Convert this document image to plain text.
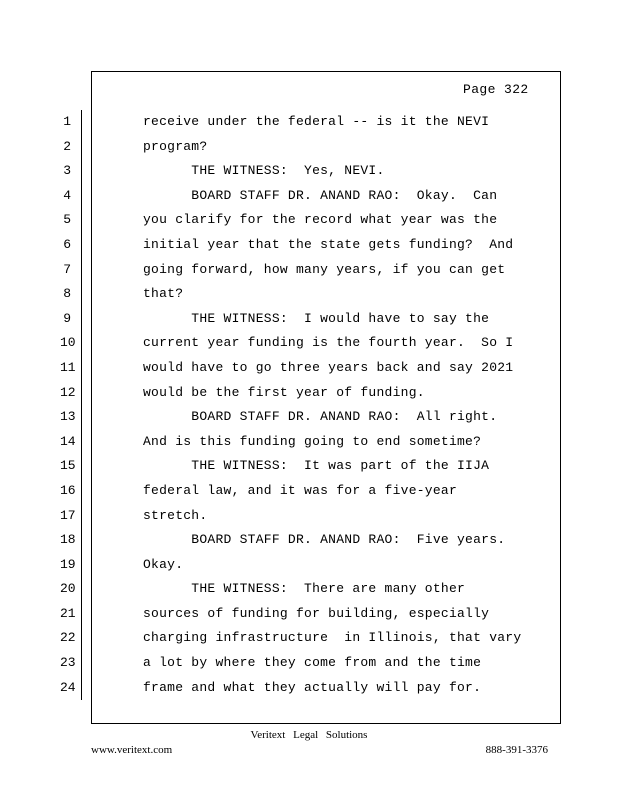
Page 322
1
2
3
4
5
6
7
8
9
10
11
12
13
14
15
16
17
18
19
20
21
22
23
24
receive under the federal -- is it the NEVI
program?
THE WITNESS:  Yes, NEVI.
BOARD STAFF DR. ANAND RAO:  Okay.  Can
you clarify for the record what year was the
initial year that the state gets funding?  And
going forward, how many years, if you can get
that?
THE WITNESS:  I would have to say the
current year funding is the fourth year.  So I
would have to go three years back and say 2021
would be the first year of funding.
BOARD STAFF DR. ANAND RAO:  All right.
And is this funding going to end sometime?
THE WITNESS:  It was part of the IIJA
federal law, and it was for a five-year
stretch.
BOARD STAFF DR. ANAND RAO:  Five years.
Okay.
THE WITNESS:  There are many other
sources of funding for building, especially
charging infrastructure  in Illinois, that vary
a lot by where they come from and the time
frame and what they actually will pay for.
Veritext Legal Solutions
www.veritext.com	888-391-3376
